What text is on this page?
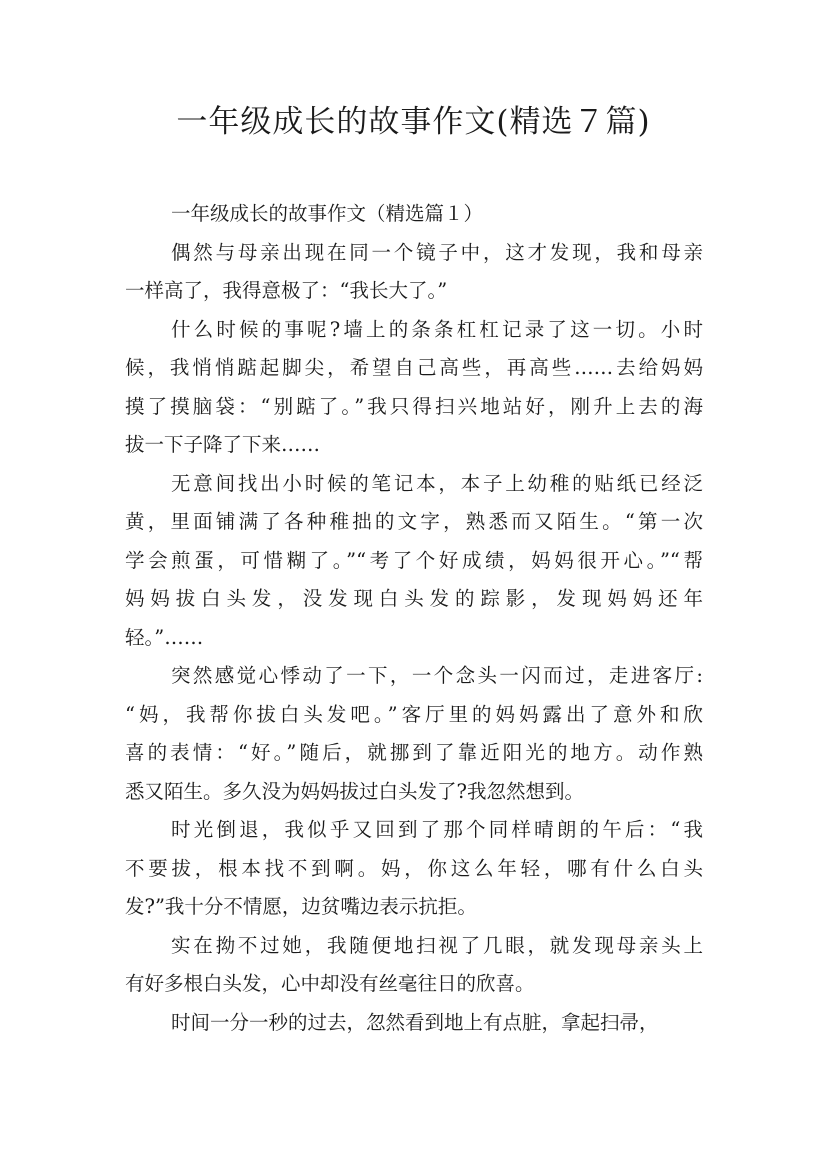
一年级成长的故事作文(精选７篇)

一年级成长的故事作文（精选篇１）

偶然与母亲出现在同一个镜子中，这才发现，我和母亲
一样高了，我得意极了：“我长大了。”

什么时候的事呢?墙上的条条杠杠记录了这一切。小时
候，我悄悄踮起脚尖，希望自己高些，再高些……去给妈妈
摸了摸脑袋：“别踮了。”我只得扫兴地站好，刚升上去的海
拔一下子降了下来……

无意间找出小时候的笔记本，本子上幼稚的贴纸已经泛
黄，里面铺满了各种稚拙的文字，熟悉而又陌生。“第一次
学会煎蛋，可惜糊了。”“考了个好成绩，妈妈很开心。”“帮
妈妈拔白头发，没发现白头发的踪影，发现妈妈还年
轻。”……

突然感觉心悸动了一下，一个念头一闪而过，走进客厅:
“妈，我帮你拔白头发吧。”客厅里的妈妈露出了意外和欣
喜的表情：“好。”随后，就挪到了靠近阳光的地方。动作熟
悉又陌生。多久没为妈妈拔过白头发了?我忽然想到。

时光倒退，我似乎又回到了那个同样晴朗的午后：“我
不要拔，根本找不到啊。妈，你这么年轻，哪有什么白头
发?”我十分不情愿，边贫嘴边表示抗拒。

实在拗不过她，我随便地扫视了几眼，就发现母亲头上
有好多根白头发，心中却没有丝毫往日的欣喜。

时间一分一秒的过去，忽然看到地上有点脏，拿起扫帚，
